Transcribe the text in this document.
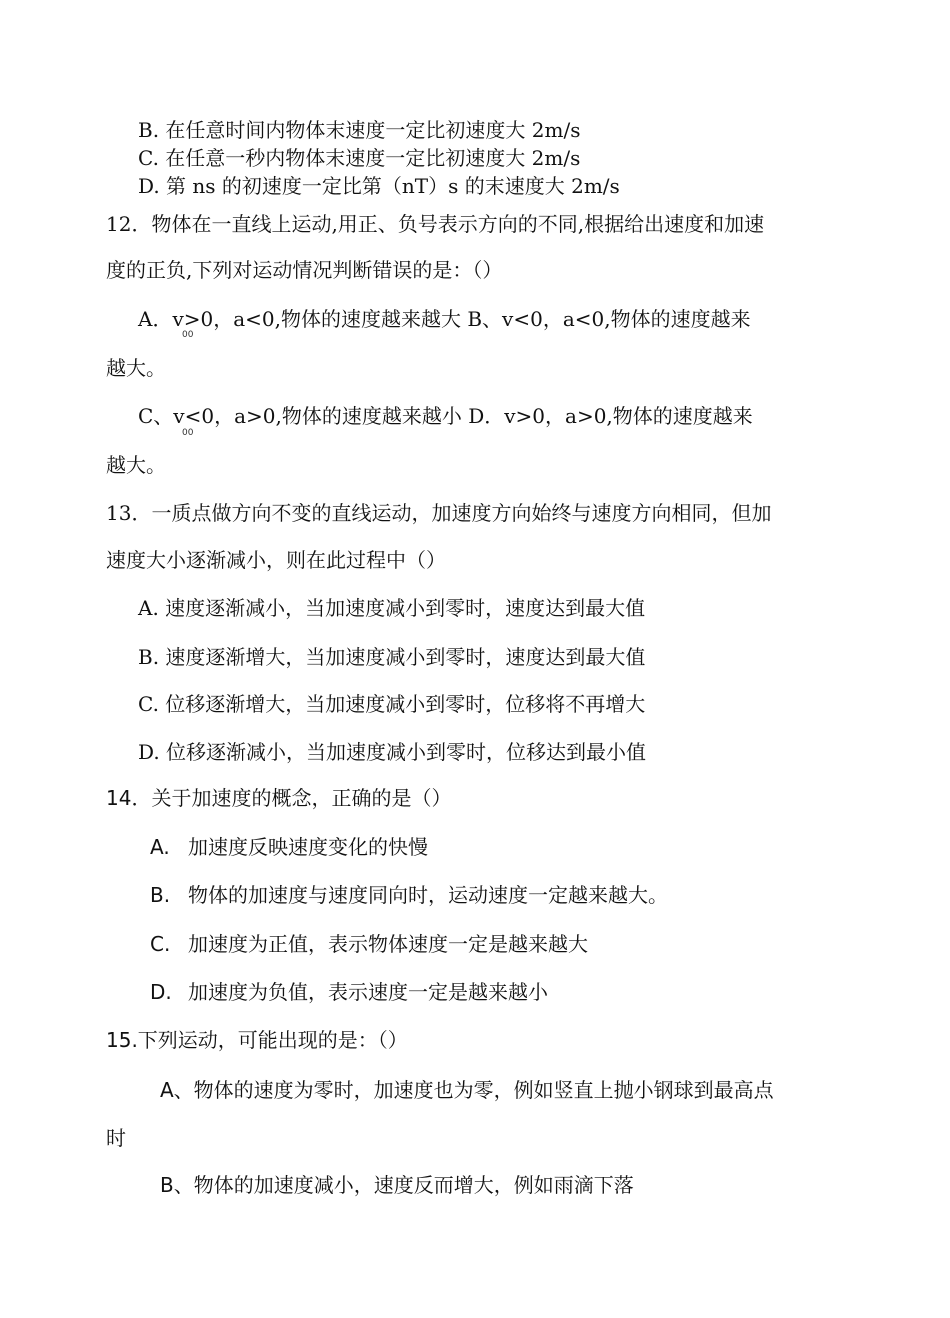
B. 在任意时间内物体末速度一定比初速度大 2m/s
C. 在任意一秒内物体末速度一定比初速度大 2m/s
D. 第 ns 的初速度一定比第（nT）s 的末速度大 2m/s
12．物体在一直线上运动,用正、负号表示方向的不同,根据给出速度和加速
度的正负,下列对运动情况判断错误的是：（）
A．v>0，a<0,物体的速度越来越大 B、v<0，a<0,物体的速度越来
00
越大。
C、v<0，a>0,物体的速度越来越小 D．v>0，a>0,物体的速度越来
00
越大。
13．一质点做方向不变的直线运动，加速度方向始终与速度方向相同，但加
速度大小逐渐减小，则在此过程中（）
A. 速度逐渐减小，当加速度减小到零时，速度达到最大值
B. 速度逐渐增大，当加速度减小到零时，速度达到最大值
C. 位移逐渐增大，当加速度减小到零时，位移将不再增大
D. 位移逐渐减小，当加速度减小到零时，位移达到最小值
14．关于加速度的概念，正确的是（）
A. 加速度反映速度变化的快慢
B. 物体的加速度与速度同向时，运动速度一定越来越大。
C. 加速度为正值，表示物体速度一定是越来越大
D. 加速度为负值，表示速度一定是越来越小
15.下列运动，可能出现的是：（）
A、物体的速度为零时，加速度也为零，例如竖直上抛小钢球到最高点
时
B、物体的加速度减小，速度反而增大，例如雨滴下落
